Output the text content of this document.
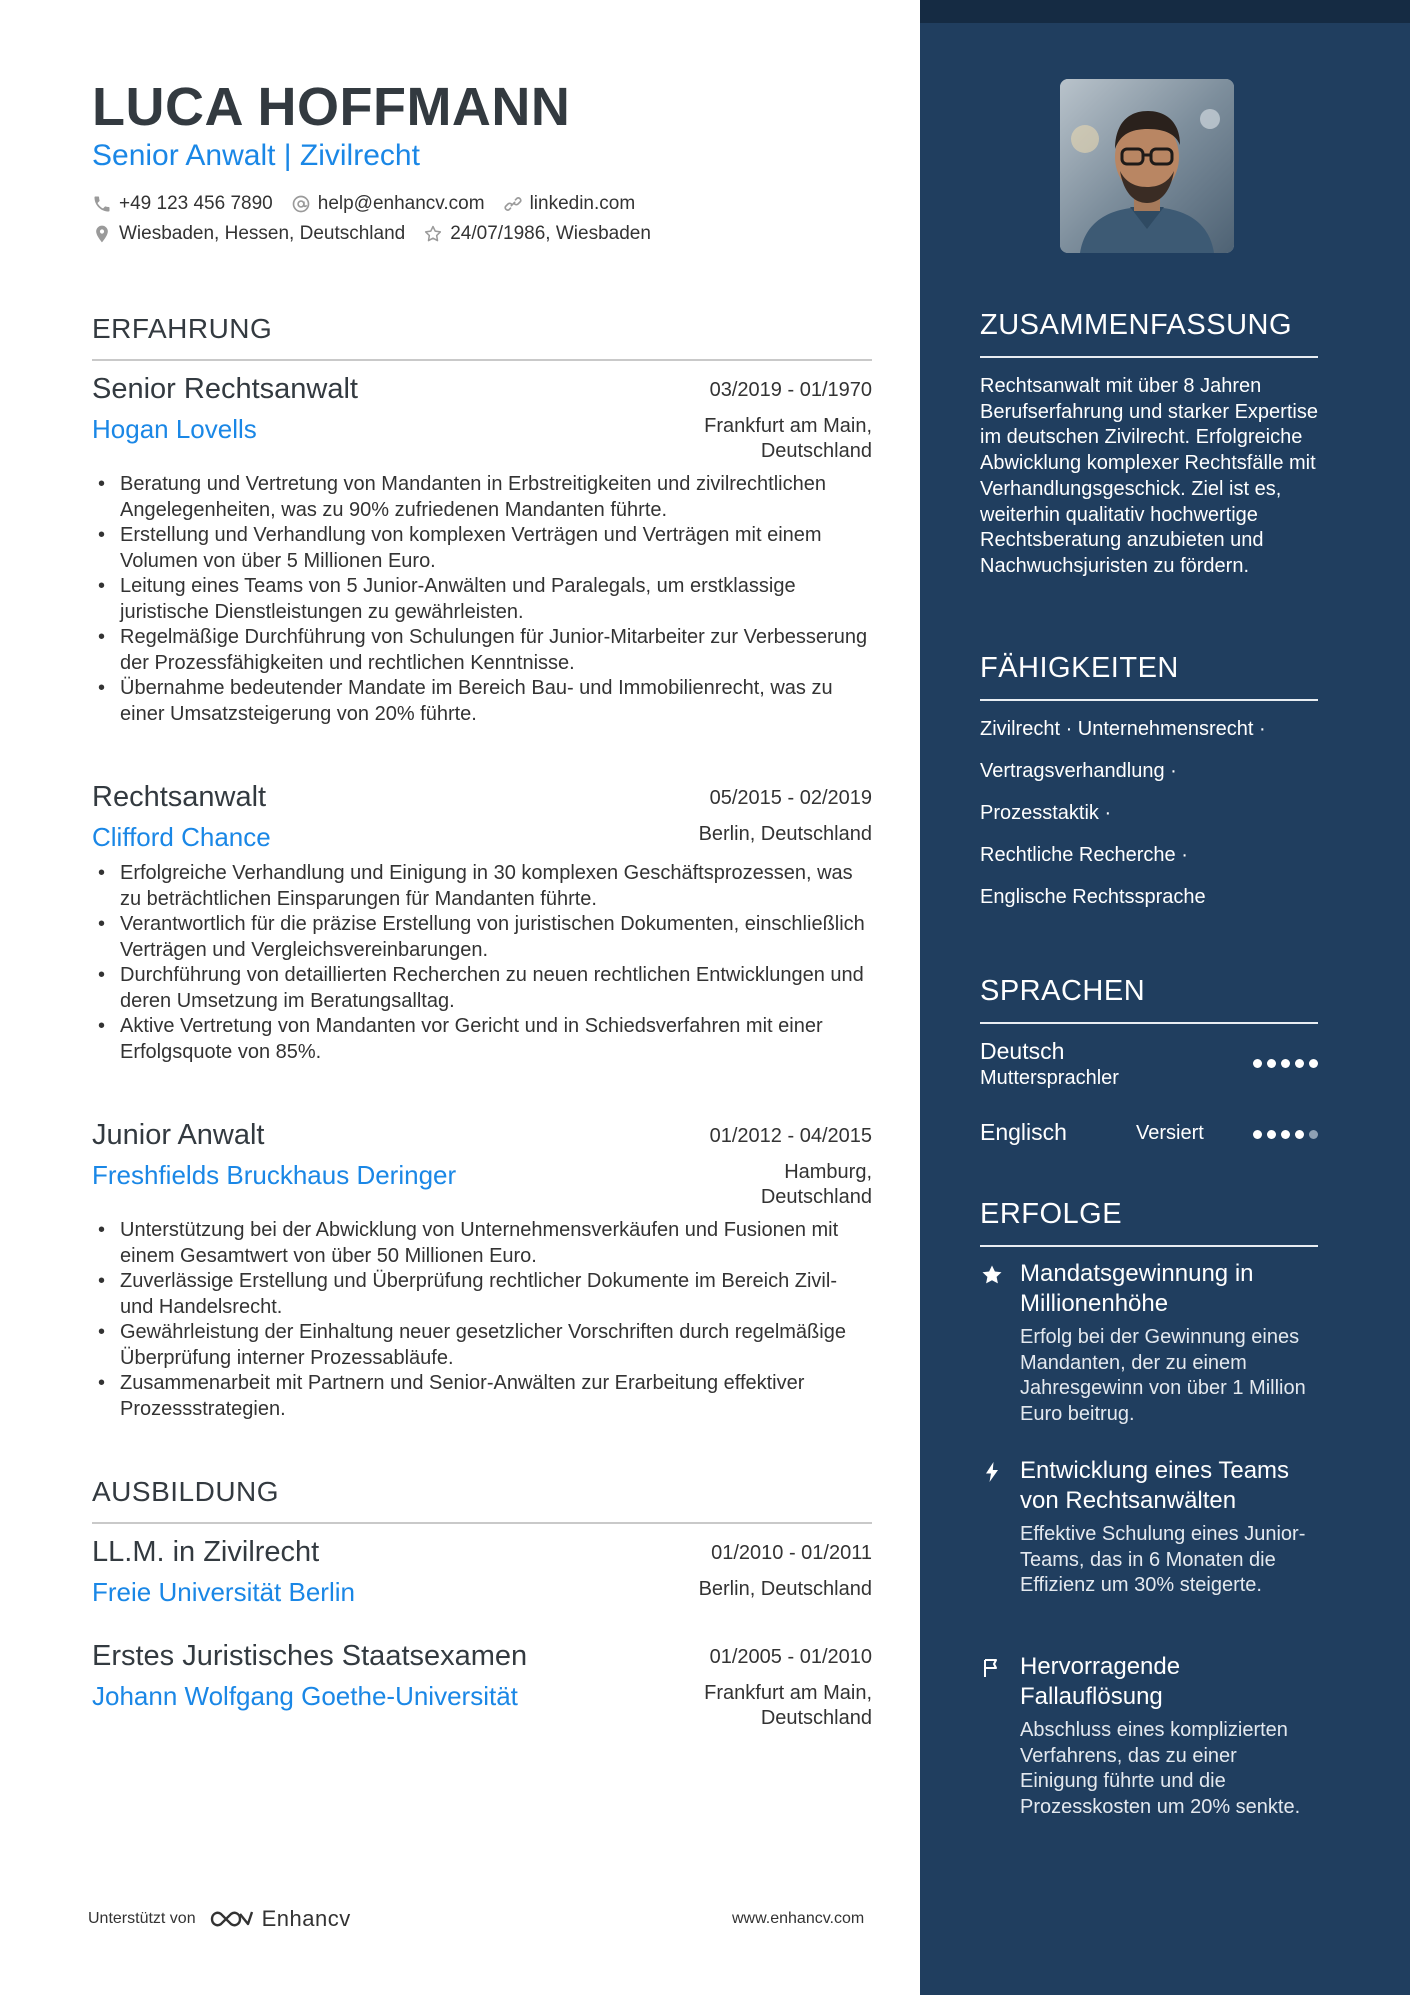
LUCA HOFFMANN
Senior Anwalt | Zivilrecht
+49 123 456 7890 help@enhancv.com linkedin.com
Wiesbaden, Hessen, Deutschland 24/07/1986, Wiesbaden
ERFAHRUNG
Senior Rechtsanwalt	03/2019 - 01/1970
Hogan Lovells	Frankfurt am Main,
Deutschland
• Beratung und Vertretung von Mandanten in Erbstreitigkeiten und zivilrechtlichen Angelegenheiten, was zu 90% zufriedenen Mandanten führte.
• Erstellung und Verhandlung von komplexen Verträgen und Verträgen mit einem Volumen von über 5 Millionen Euro.
• Leitung eines Teams von 5 Junior-Anwälten und Paralegals, um erstklassige juristische Dienstleistungen zu gewährleisten.
• Regelmäßige Durchführung von Schulungen für Junior-Mitarbeiter zur Verbesserung der Prozessfähigkeiten und rechtlichen Kenntnisse.
• Übernahme bedeutender Mandate im Bereich Bau- und Immobilienrecht, was zu einer Umsatzsteigerung von 20% führte.
Rechtsanwalt	05/2015 - 02/2019
Clifford Chance	Berlin, Deutschland
• Erfolgreiche Verhandlung und Einigung in 30 komplexen Geschäftsprozessen, was zu beträchtlichen Einsparungen für Mandanten führte.
• Verantwortlich für die präzise Erstellung von juristischen Dokumenten, einschließlich Verträgen und Vergleichsvereinbarungen.
• Durchführung von detaillierten Recherchen zu neuen rechtlichen Entwicklungen und deren Umsetzung im Beratungsalltag.
• Aktive Vertretung von Mandanten vor Gericht und in Schiedsverfahren mit einer Erfolgsquote von 85%.
Junior Anwalt	01/2012 - 04/2015
Freshfields Bruckhaus Deringer	Hamburg,
Deutschland
• Unterstützung bei der Abwicklung von Unternehmensverkäufen und Fusionen mit einem Gesamtwert von über 50 Millionen Euro.
• Zuverlässige Erstellung und Überprüfung rechtlicher Dokumente im Bereich Zivil- und Handelsrecht.
• Gewährleistung der Einhaltung neuer gesetzlicher Vorschriften durch regelmäßige Überprüfung interner Prozessabläufe.
• Zusammenarbeit mit Partnern und Senior-Anwälten zur Erarbeitung effektiver Prozessstrategien.
AUSBILDUNG
LL.M. in Zivilrecht	01/2010 - 01/2011
Freie Universität Berlin	Berlin, Deutschland
Erstes Juristisches Staatsexamen	01/2005 - 01/2010
Johann Wolfgang Goethe-Universität	Frankfurt am Main,
Deutschland
Unterstützt von	Enhancv	www.enhancv.com
ZUSAMMENFASSUNG
Rechtsanwalt mit über 8 Jahren Berufserfahrung und starker Expertise im deutschen Zivilrecht. Erfolgreiche Abwicklung komplexer Rechtsfälle mit Verhandlungsgeschick. Ziel ist es, weiterhin qualitativ hochwertige Rechtsberatung anzubieten und Nachwuchsjuristen zu fördern.
FÄHIGKEITEN
Zivilrecht · Unternehmensrecht ·
Vertragsverhandlung ·
Prozesstaktik ·
Rechtliche Recherche ·
Englische Rechtssprache
SPRACHEN
Deutsch
Muttersprachler
Englisch	Versiert
ERFOLGE
Mandatsgewinnung in Millionenhöhe
Erfolg bei der Gewinnung eines Mandanten, der zu einem Jahresgewinn von über 1 Million Euro beitrug.
Entwicklung eines Teams von Rechtsanwälten
Effektive Schulung eines Junior-Teams, das in 6 Monaten die Effizienz um 30% steigerte.
Hervorragende Fallauflösung
Abschluss eines komplizierten Verfahrens, das zu einer Einigung führte und die Prozesskosten um 20% senkte.
